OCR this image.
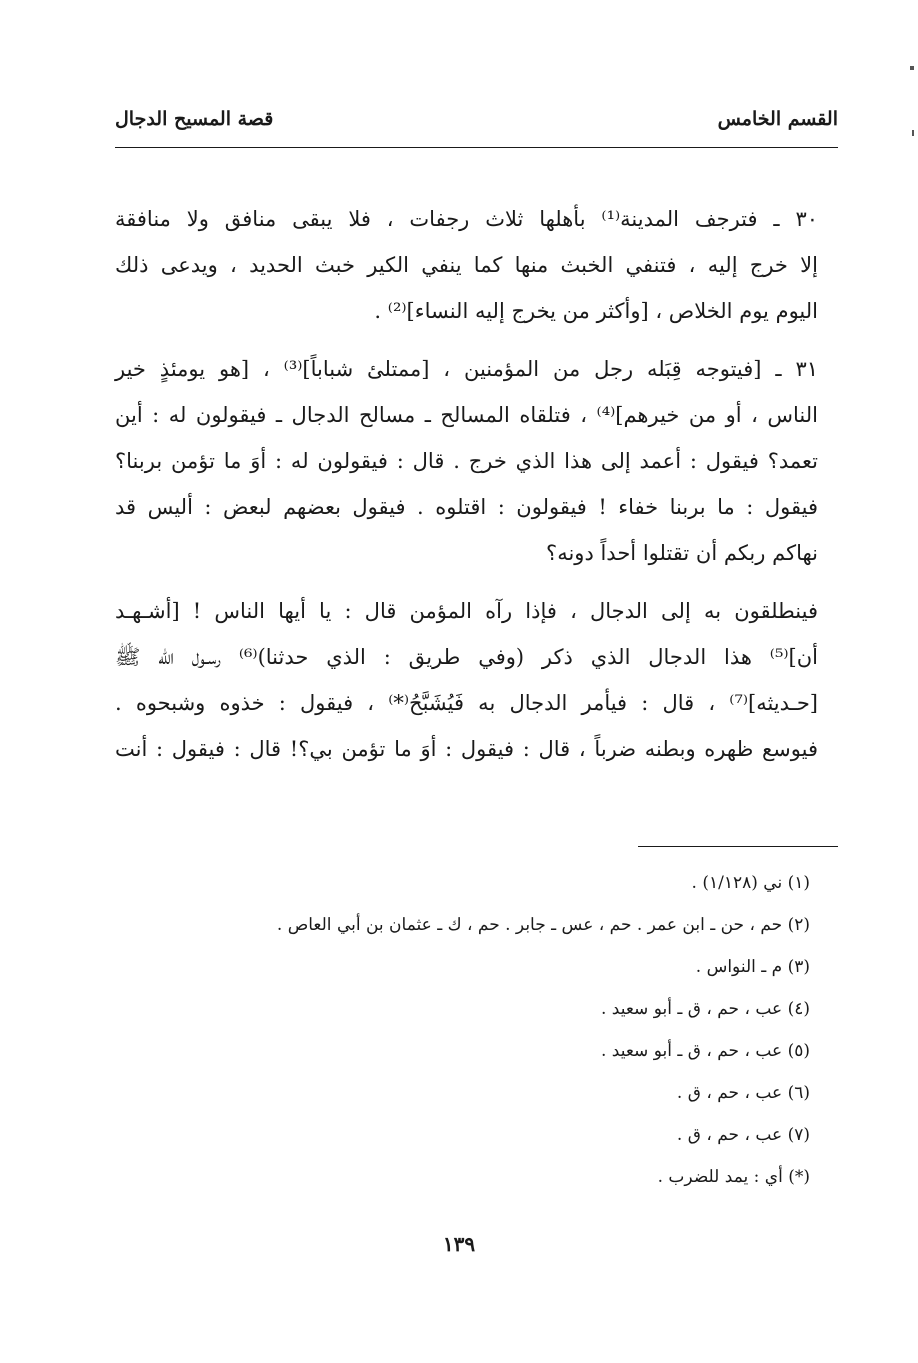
القسم الخامس
قصة المسيح الدجال

٣٠ ـ فترجف المدينة⁽¹⁾ بأهلها ثلاث رجفات ، فلا يبقى منافق ولا منافقة
إلا خرج إليه ، فتنفي الخبث منها كما ينفي الكير خبث الحديد ، ويدعى ذلك
اليوم يوم الخلاص ، [وأكثر من يخرج إليه النساء]⁽²⁾ .

٣١ ـ [فيتوجه قِبَله رجل من المؤمنين ، [ممتلئ شباباً]⁽³⁾ ، [هو يومئذٍ خير
الناس ، أو من خيرهم]⁽⁴⁾ ، فتلقاه المسالح ـ مسالح الدجال ـ فيقولون له : أين
تعمد؟ فيقول : أعمد إلى هذا الذي خرج . قال : فيقولون له : أوَ ما تؤمن بربنا؟
فيقول : ما بربنا خفاء ! فيقولون : اقتلوه . فيقول بعضهم لبعض : أليس قد
نهاكم ربكم أن تقتلوا أحداً دونه؟

فينطلقون به إلى الدجال ، فإذا رآه المؤمن قال : يا أيها الناس ! [أشـهـد
أن]⁽⁵⁾ هذا الدجال الذي ذكر (وفي طريق : الذي حدثنا)⁽⁶⁾ رسـول الله ﷺ
[حـديثه]⁽⁷⁾ ، قال : فيأمر الدجال به فَيُشَبَّحُ⁽*⁾ ، فيقول : خذوه وشبحوه .
فيوسع ظهره وبطنه ضرباً ، قال : فيقول : أوَ ما تؤمن بي؟! قال : فيقول : أنت

(١) ني (١/١٢٨) .
(٢) حم ، حن ـ ابن عمر . حم ، عس ـ جابر . حم ، ك ـ عثمان بن أبي العاص .
(٣) م ـ النواس .
(٤) عب ، حم ، ق ـ أبو سعيد .
(٥) عب ، حم ، ق ـ أبو سعيد .
(٦) عب ، حم ، ق .
(٧) عب ، حم ، ق .
(*) أي : يمد للضرب .
١٣٩
